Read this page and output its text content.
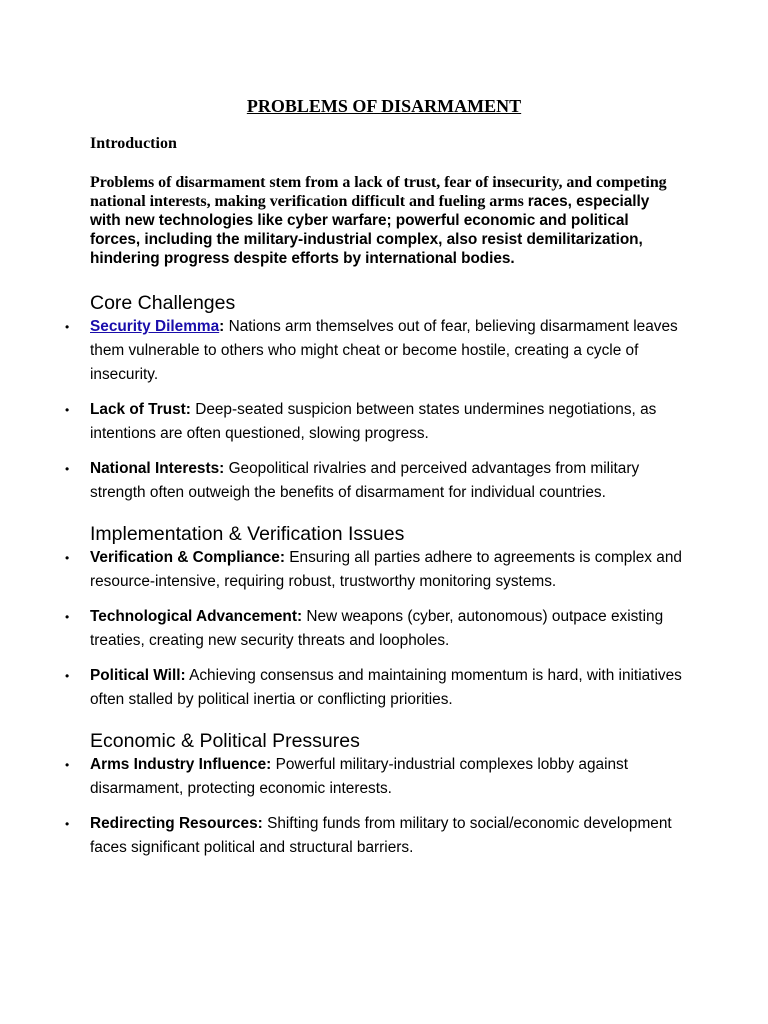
PROBLEMS OF DISARMAMENT
Introduction

Problems of disarmament stem from a lack of trust, fear of insecurity, and competing national interests, making verification difficult and fueling arms races, especially with new technologies like cyber warfare; powerful economic and political forces, including the military-industrial complex, also resist demilitarization, hindering progress despite efforts by international bodies.

Core Challenges
• Security Dilemma: Nations arm themselves out of fear, believing disarmament leaves them vulnerable to others who might cheat or become hostile, creating a cycle of insecurity.
• Lack of Trust: Deep-seated suspicion between states undermines negotiations, as intentions are often questioned, slowing progress.
• National Interests: Geopolitical rivalries and perceived advantages from military strength often outweigh the benefits of disarmament for individual countries.
Implementation & Verification Issues
• Verification & Compliance: Ensuring all parties adhere to agreements is complex and resource-intensive, requiring robust, trustworthy monitoring systems.
• Technological Advancement: New weapons (cyber, autonomous) outpace existing treaties, creating new security threats and loopholes.
• Political Will: Achieving consensus and maintaining momentum is hard, with initiatives often stalled by political inertia or conflicting priorities.
Economic & Political Pressures
• Arms Industry Influence: Powerful military-industrial complexes lobby against disarmament, protecting economic interests.
• Redirecting Resources: Shifting funds from military to social/economic development faces significant political and structural barriers.
